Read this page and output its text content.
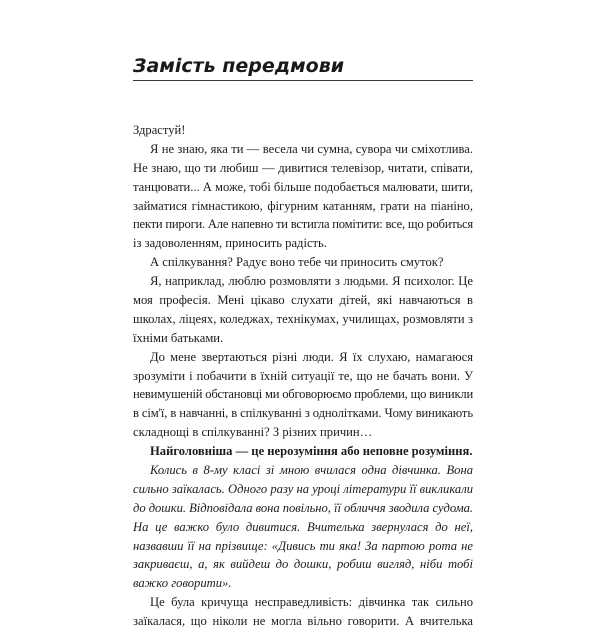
Замість передмови
Здрастуй!
Я не знаю, яка ти — весела чи сумна, сувора чи сміхотлива.
Не знаю, що ти любиш — дивитися телевізор, читати, співати,
танцювати... А може, тобі більше подобається малювати, шити,
займатися гімнастикою, фігурним катанням, грати на піаніно,
пекти пироги. Але напевно ти встигла помітити: все, що робиться
із задоволенням, приносить радість.
А спілкування? Радує воно тебе чи приносить смуток?
Я, наприклад, люблю розмовляти з людьми. Я психолог. Це
моя професія. Мені цікаво слухати дітей, які навчаються в
школах, ліцеях, коледжах, технікумах, училищах, розмовляти з
їхніми батьками.
До мене звертаються різні люди. Я їх слухаю, намагаюся
зрозуміти і побачити в їхній ситуації те, що не бачать вони. У
невимушеній обстановці ми обговорюємо проблеми, що виникли
в сім'ї, в навчанні, в спілкуванні з однолітками. Чому виникають
складнощі в спілкуванні? З різних причин…
Найголовніша — це нерозуміння або неповне розуміння.
Колись в 8-му класі зі мною вчилася одна дівчинка. Вона
сильно заїкалась. Одного разу на уроці літератури її викликали
до дошки. Відповідала вона повільно, її обличчя зводила судома.
На це важко було дивитися. Вчителька звернулася до неї,
назвавши її на прізвище: «Дивись ти яка! За партою рота не
закриваєш, а, як вийдеш до дошки, робиш вигляд, ніби тобі
важко говорити».
Це була кричуща несправедливість: дівчинка так сильно
заїкалася, що ніколи не могла вільно говорити. А вчителька
